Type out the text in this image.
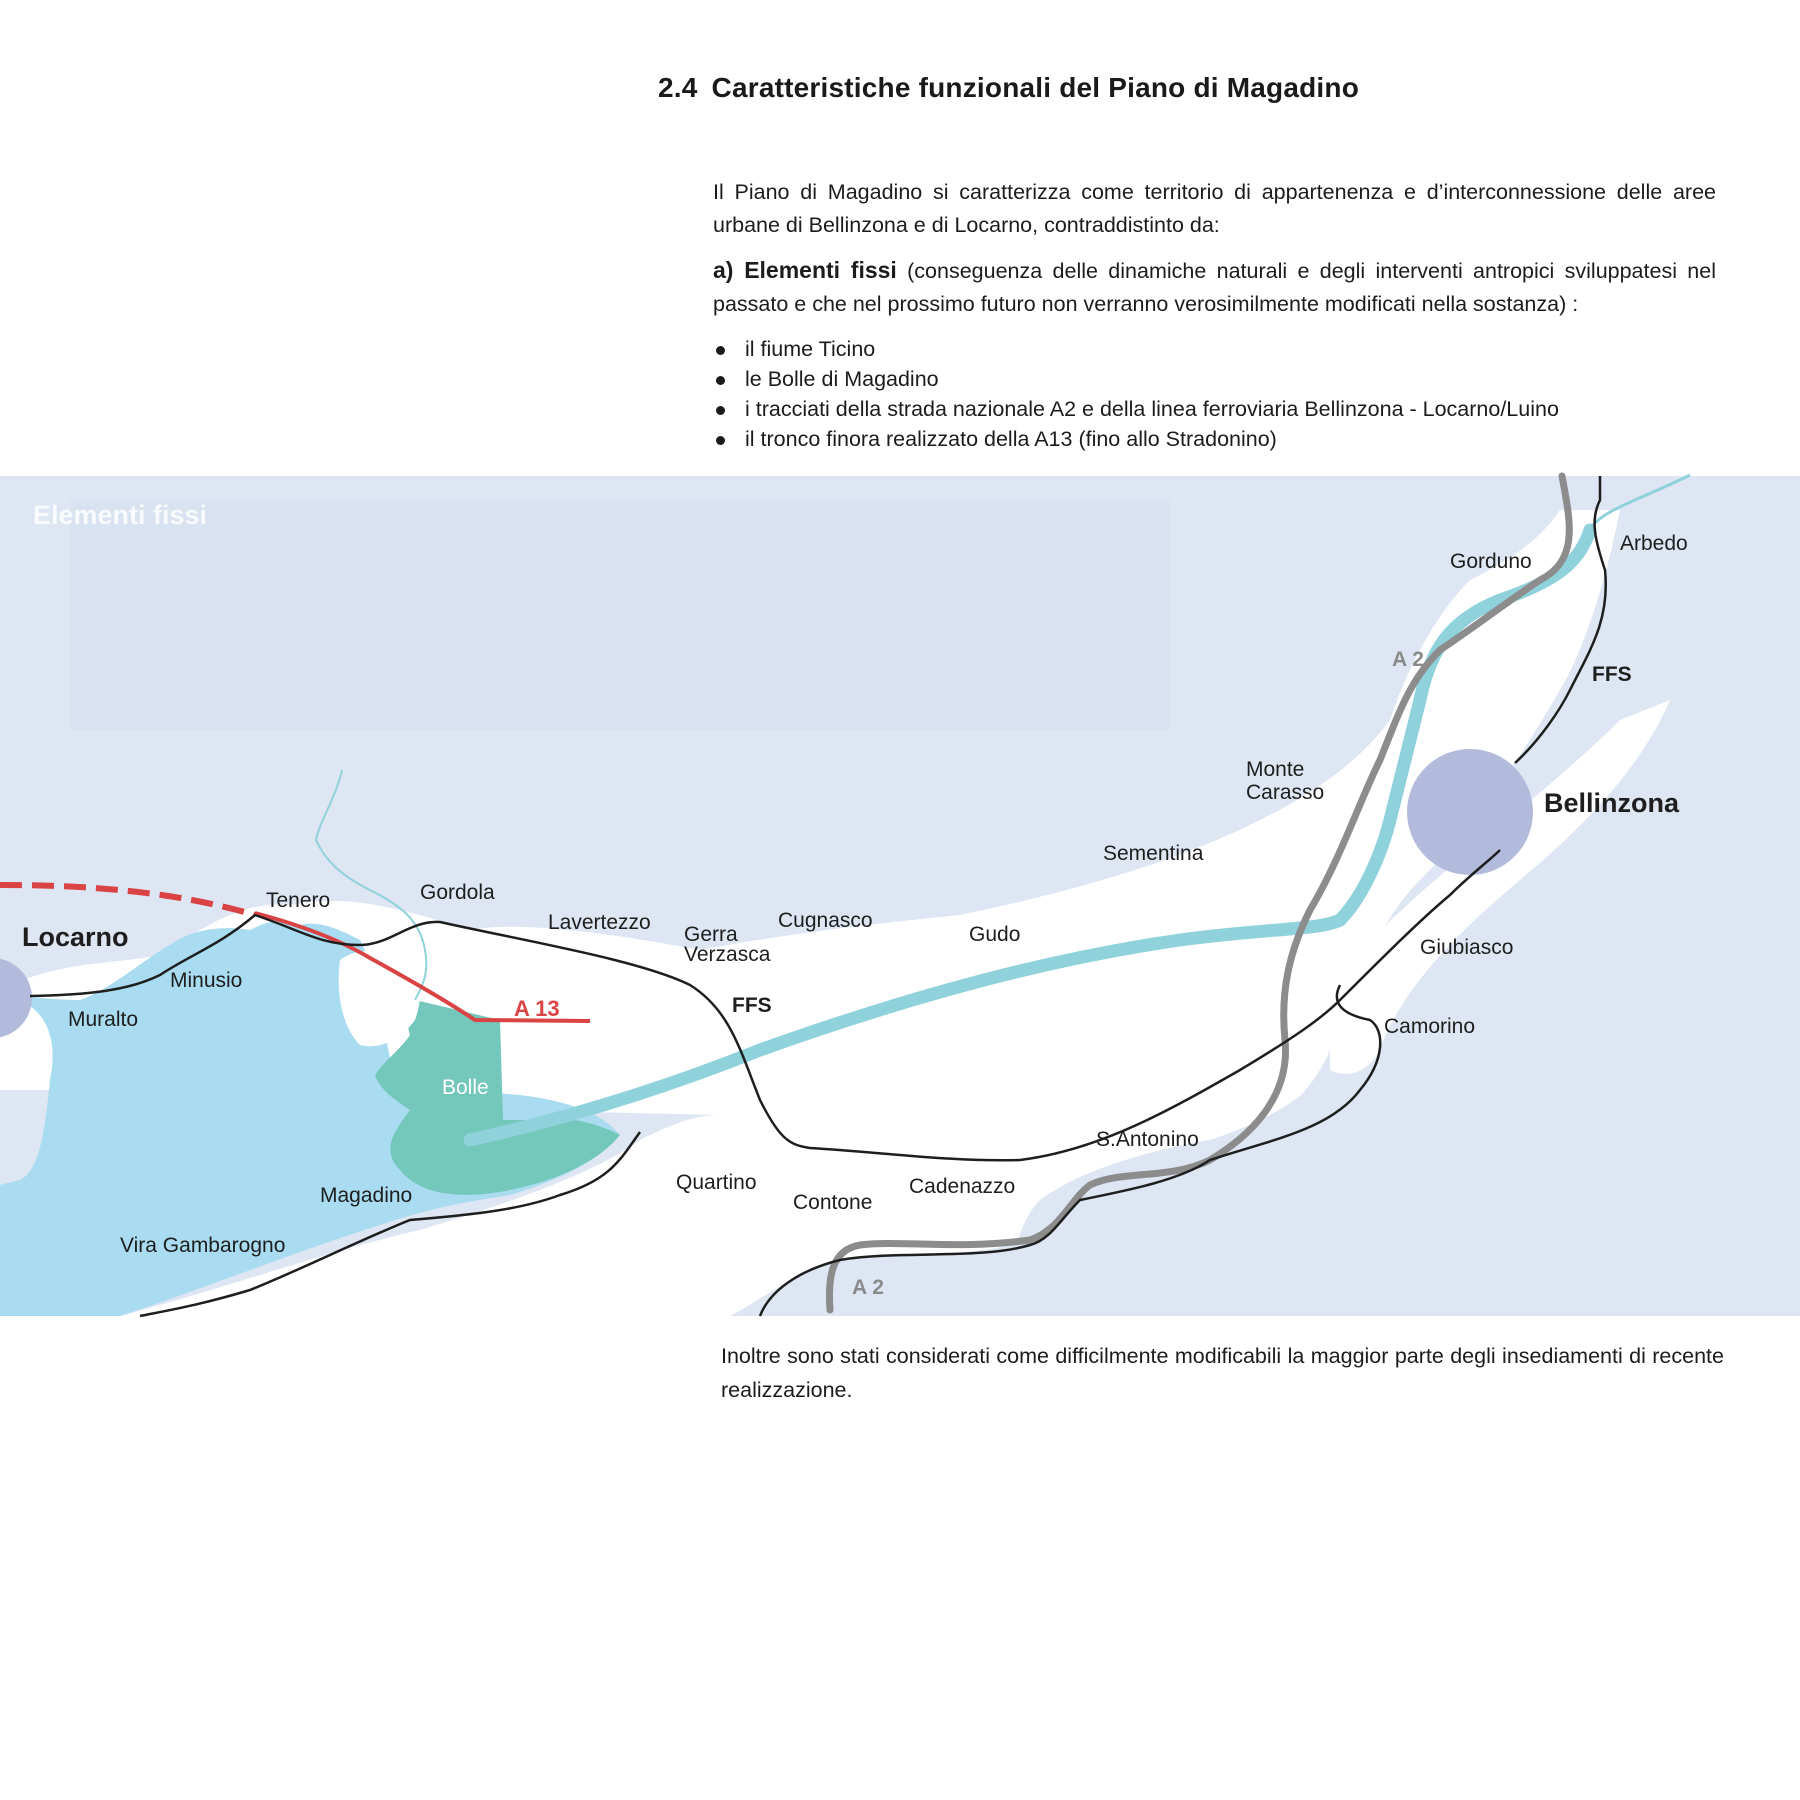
2.4 Caratteristiche funzionali del Piano di Magadino

Il Piano di Magadino si caratterizza come territorio di appartenenza e d’interconnessione delle aree urbane di Bellinzona e di Locarno, contraddistinto da:

a) Elementi fissi (conseguenza delle dinamiche naturali e degli interventi antropici sviluppatesi nel passato e che nel prossimo futuro non verranno verosimilmente modificati nella sostanza) :

il fiume Ticino
le Bolle di Magadino
i tracciati della strada nazionale A2 e della linea ferroviaria Bellinzona - Locarno/Luino
il tronco finora realizzato della A13 (fino allo Stradonino)
Locarno
Bellinzona
Tenero	Gordola
Lavertezzo
Gerra
Verzasca
Cugnasco
Gudo
Sementina
Monte
Carasso
Gorduno
Arbedo
Giubiasco
Camorino
S.Antonino
Cadenazzo
Contone
Quartino
Magadino
Vira Gambarogno
Muralto
Minusio
Bolle
A 2
A 2
A 13	FFS
FFS

Elementi fissi

Inoltre sono stati considerati come difficilmente modificabili la maggior parte degli insediamenti di recente realizzazione.
